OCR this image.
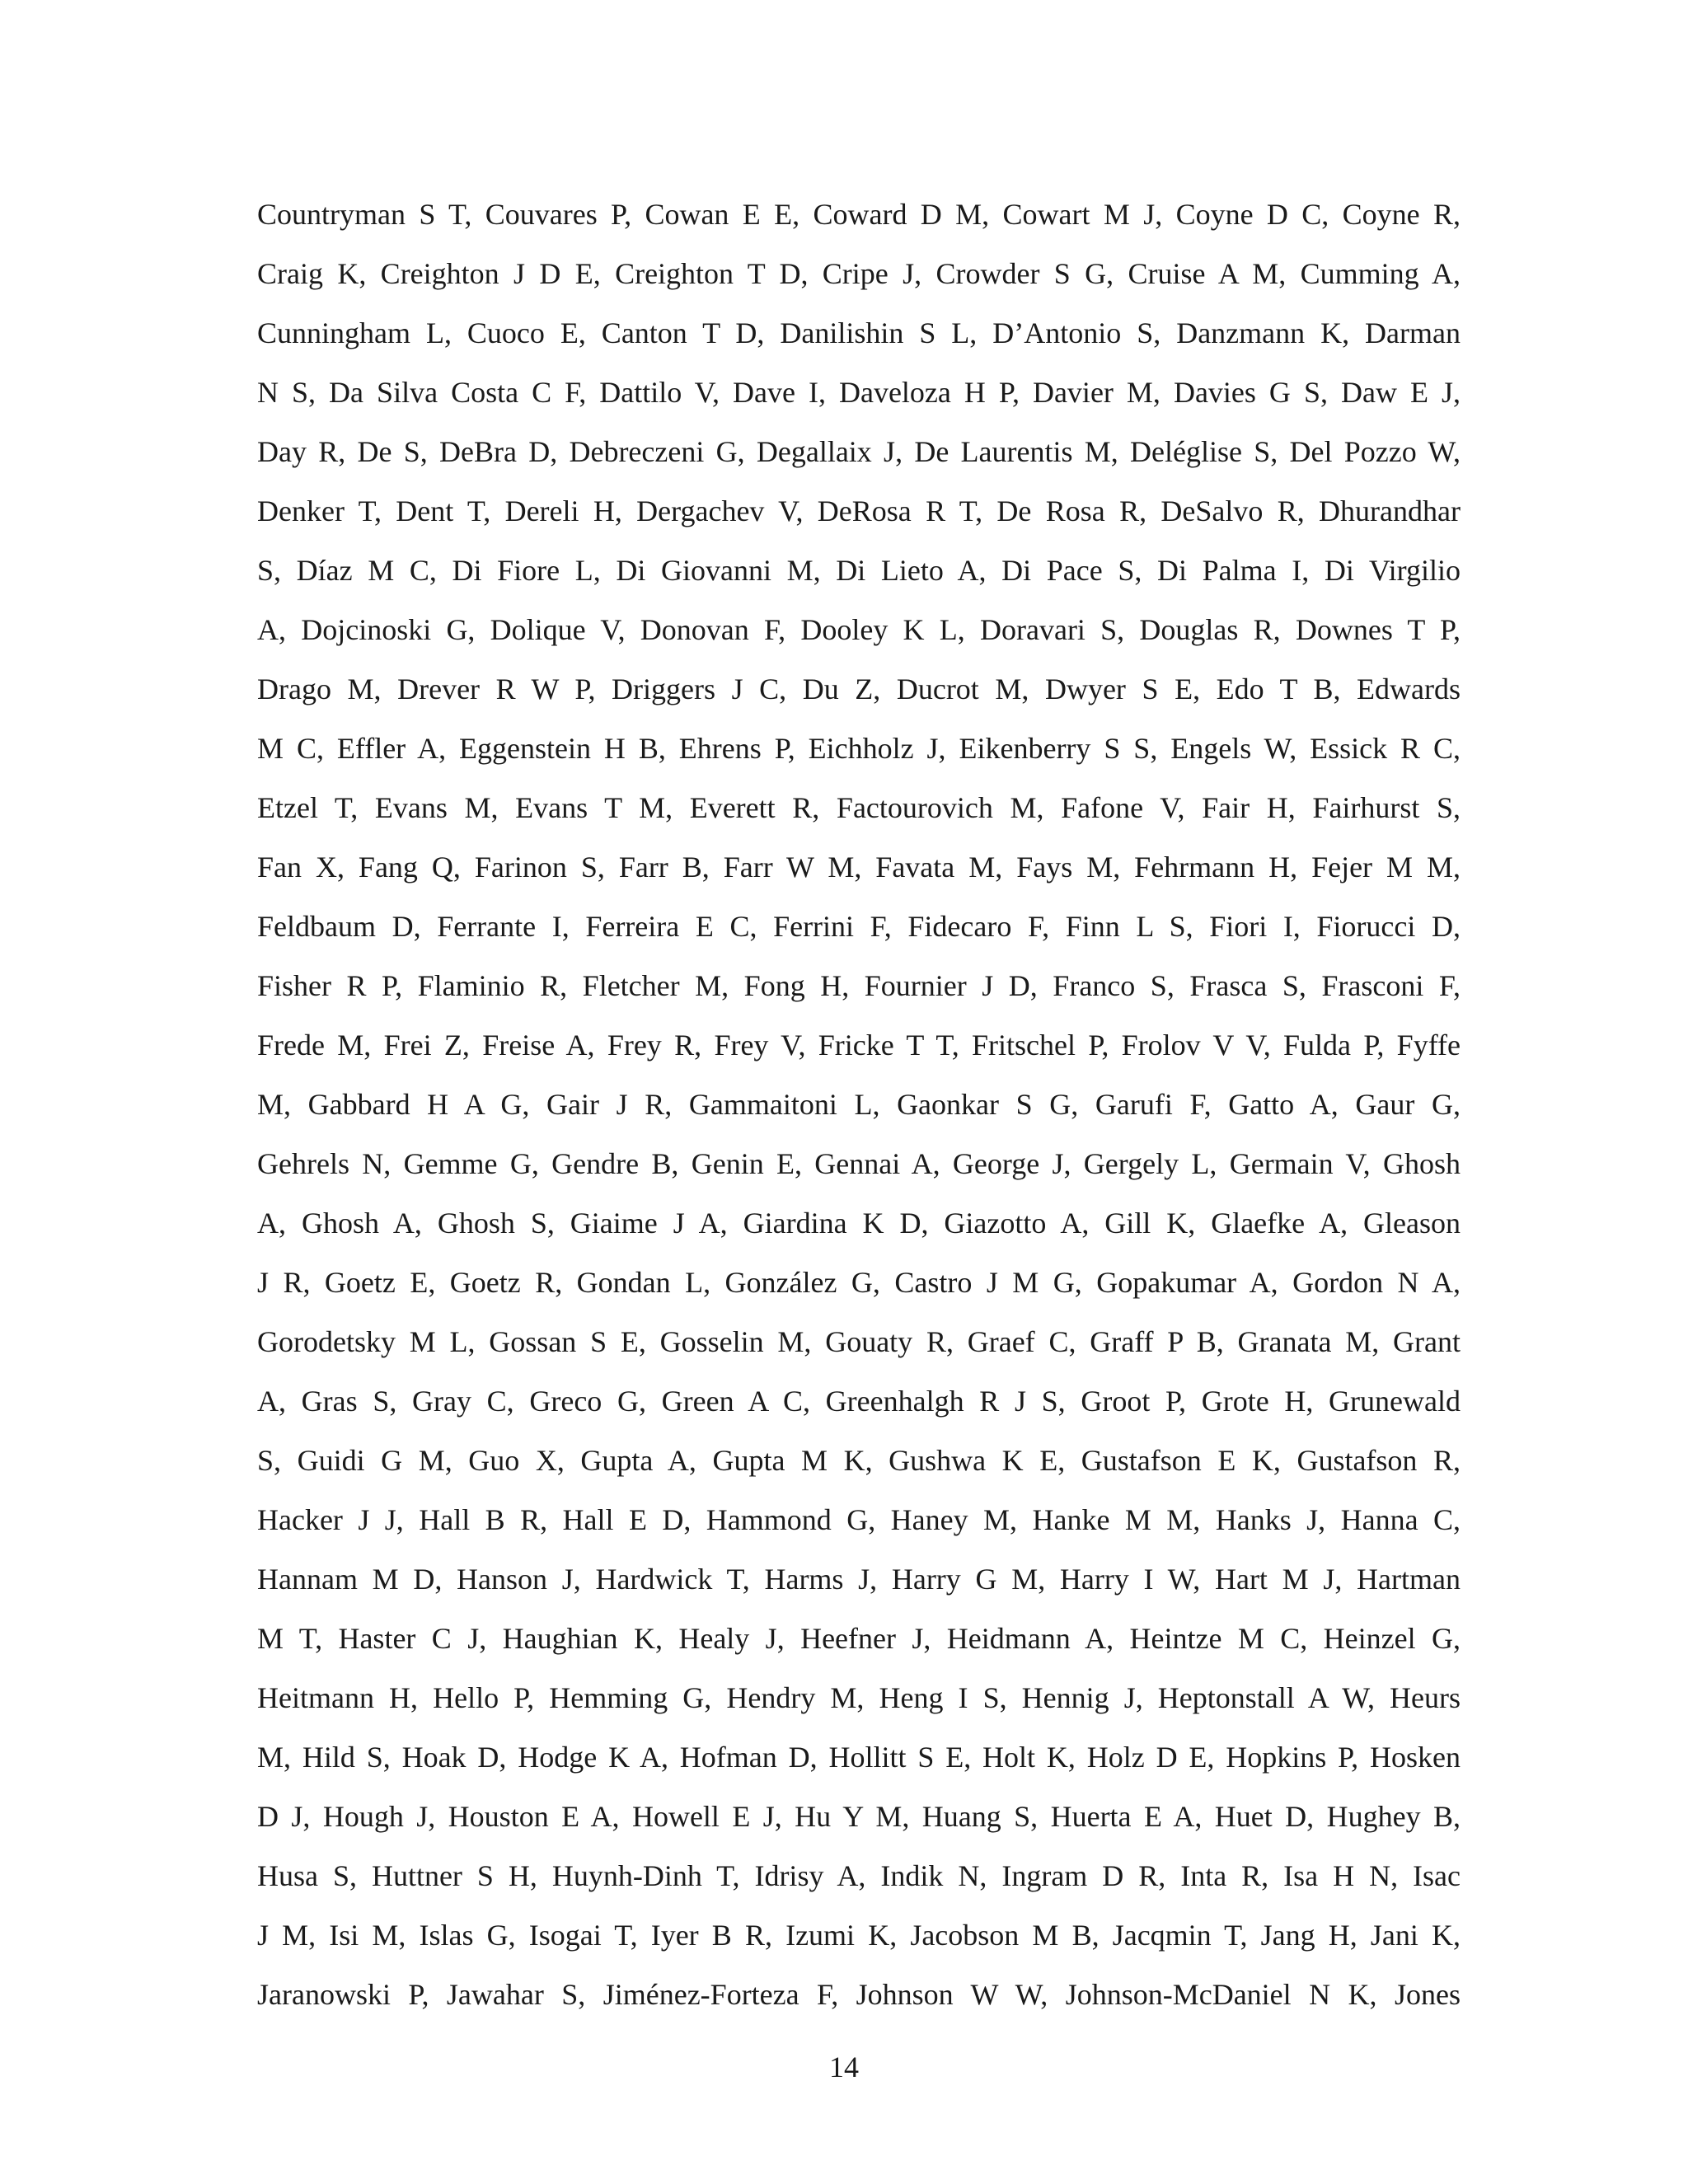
Countryman S T, Couvares P, Cowan E E, Coward D M, Cowart M J, Coyne D C, Coyne R,
Craig K, Creighton J D E, Creighton T D, Cripe J, Crowder S G, Cruise A M, Cumming A,
Cunningham L, Cuoco E, Canton T D, Danilishin S L, D’Antonio S, Danzmann K, Darman
N S, Da Silva Costa C F, Dattilo V, Dave I, Daveloza H P, Davier M, Davies G S, Daw E J,
Day R, De S, DeBra D, Debreczeni G, Degallaix J, De Laurentis M, Deléglise S, Del Pozzo W,
Denker T, Dent T, Dereli H, Dergachev V, DeRosa R T, De Rosa R, DeSalvo R, Dhurandhar
S, Díaz M C, Di Fiore L, Di Giovanni M, Di Lieto A, Di Pace S, Di Palma I, Di Virgilio
A, Dojcinoski G, Dolique V, Donovan F, Dooley K L, Doravari S, Douglas R, Downes T P,
Drago M, Drever R W P, Driggers J C, Du Z, Ducrot M, Dwyer S E, Edo T B, Edwards
M C, Effler A, Eggenstein H B, Ehrens P, Eichholz J, Eikenberry S S, Engels W, Essick R C,
Etzel T, Evans M, Evans T M, Everett R, Factourovich M, Fafone V, Fair H, Fairhurst S,
Fan X, Fang Q, Farinon S, Farr B, Farr W M, Favata M, Fays M, Fehrmann H, Fejer M M,
Feldbaum D, Ferrante I, Ferreira E C, Ferrini F, Fidecaro F, Finn L S, Fiori I, Fiorucci D,
Fisher R P, Flaminio R, Fletcher M, Fong H, Fournier J D, Franco S, Frasca S, Frasconi F,
Frede M, Frei Z, Freise A, Frey R, Frey V, Fricke T T, Fritschel P, Frolov V V, Fulda P, Fyffe
M, Gabbard H A G, Gair J R, Gammaitoni L, Gaonkar S G, Garufi F, Gatto A, Gaur G,
Gehrels N, Gemme G, Gendre B, Genin E, Gennai A, George J, Gergely L, Germain V, Ghosh
A, Ghosh A, Ghosh S, Giaime J A, Giardina K D, Giazotto A, Gill K, Glaefke A, Gleason
J R, Goetz E, Goetz R, Gondan L, González G, Castro J M G, Gopakumar A, Gordon N A,
Gorodetsky M L, Gossan S E, Gosselin M, Gouaty R, Graef C, Graff P B, Granata M, Grant
A, Gras S, Gray C, Greco G, Green A C, Greenhalgh R J S, Groot P, Grote H, Grunewald
S, Guidi G M, Guo X, Gupta A, Gupta M K, Gushwa K E, Gustafson E K, Gustafson R,
Hacker J J, Hall B R, Hall E D, Hammond G, Haney M, Hanke M M, Hanks J, Hanna C,
Hannam M D, Hanson J, Hardwick T, Harms J, Harry G M, Harry I W, Hart M J, Hartman
M T, Haster C J, Haughian K, Healy J, Heefner J, Heidmann A, Heintze M C, Heinzel G,
Heitmann H, Hello P, Hemming G, Hendry M, Heng I S, Hennig J, Heptonstall A W, Heurs
M, Hild S, Hoak D, Hodge K A, Hofman D, Hollitt S E, Holt K, Holz D E, Hopkins P, Hosken
D J, Hough J, Houston E A, Howell E J, Hu Y M, Huang S, Huerta E A, Huet D, Hughey B,
Husa S, Huttner S H, Huynh-Dinh T, Idrisy A, Indik N, Ingram D R, Inta R, Isa H N, Isac
J M, Isi M, Islas G, Isogai T, Iyer B R, Izumi K, Jacobson M B, Jacqmin T, Jang H, Jani K,
Jaranowski P, Jawahar S, Jiménez-Forteza F, Johnson W W, Johnson-McDaniel N K, Jones
14
